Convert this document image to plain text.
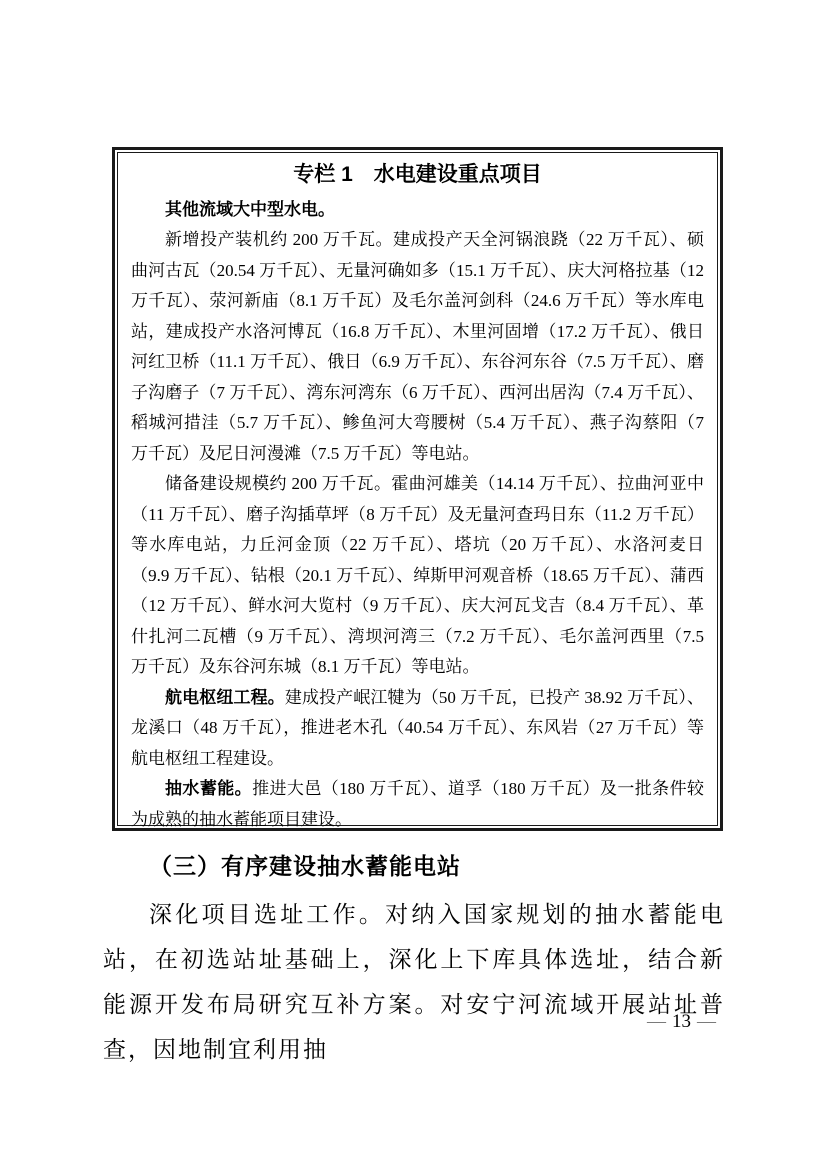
专栏 1　水电建设重点项目
其他流域大中型水电。

新增投产装机约 200 万千瓦。建成投产天全河锅浪跷（22 万千瓦）、硕曲河古瓦（20.54 万千瓦）、无量河确如多（15.1 万千瓦）、庆大河格拉基（12 万千瓦）、荥河新庙（8.1 万千瓦）及毛尔盖河剑科（24.6 万千瓦）等水库电站，建成投产水洛河博瓦（16.8 万千瓦）、木里河固增（17.2 万千瓦）、俄日河红卫桥（11.1 万千瓦）、俄日（6.9 万千瓦）、东谷河东谷（7.5 万千瓦）、磨子沟磨子（7 万千瓦）、湾东河湾东（6 万千瓦）、西河出居沟（7.4 万千瓦）、稻城河措洼（5.7 万千瓦）、鲹鱼河大弯腰树（5.4 万千瓦）、燕子沟蔡阳（7 万千瓦）及尼日河漫滩（7.5 万千瓦）等电站。

储备建设规模约 200 万千瓦。霍曲河雄美（14.14 万千瓦）、拉曲河亚中（11 万千瓦）、磨子沟插草坪（8 万千瓦）及无量河查玛日东（11.2 万千瓦）等水库电站，力丘河金顶（22 万千瓦）、塔坑（20 万千瓦）、水洛河麦日（9.9 万千瓦）、钻根（20.1 万千瓦）、绰斯甲河观音桥（18.65 万千瓦）、蒲西（12 万千瓦）、鲜水河大览村（9 万千瓦）、庆大河瓦戈吉（8.4 万千瓦）、革什扎河二瓦槽（9 万千瓦）、湾坝河湾三（7.2 万千瓦）、毛尔盖河西里（7.5 万千瓦）及东谷河东城（8.1 万千瓦）等电站。

航电枢纽工程。建成投产岷江犍为（50 万千瓦，已投产 38.92 万千瓦）、龙溪口（48 万千瓦），推进老木孔（40.54 万千瓦）、东风岩（27 万千瓦）等航电枢纽工程建设。

抽水蓄能。推进大邑（180 万千瓦）、道孚（180 万千瓦）及一批条件较为成熟的抽水蓄能项目建设。

（三）有序建设抽水蓄能电站

深化项目选址工作。对纳入国家规划的抽水蓄能电站，在初选站址基础上，深化上下库具体选址，结合新能源开发布局研究互补方案。对安宁河流域开展站址普查，因地制宜利用抽

— 13 —
